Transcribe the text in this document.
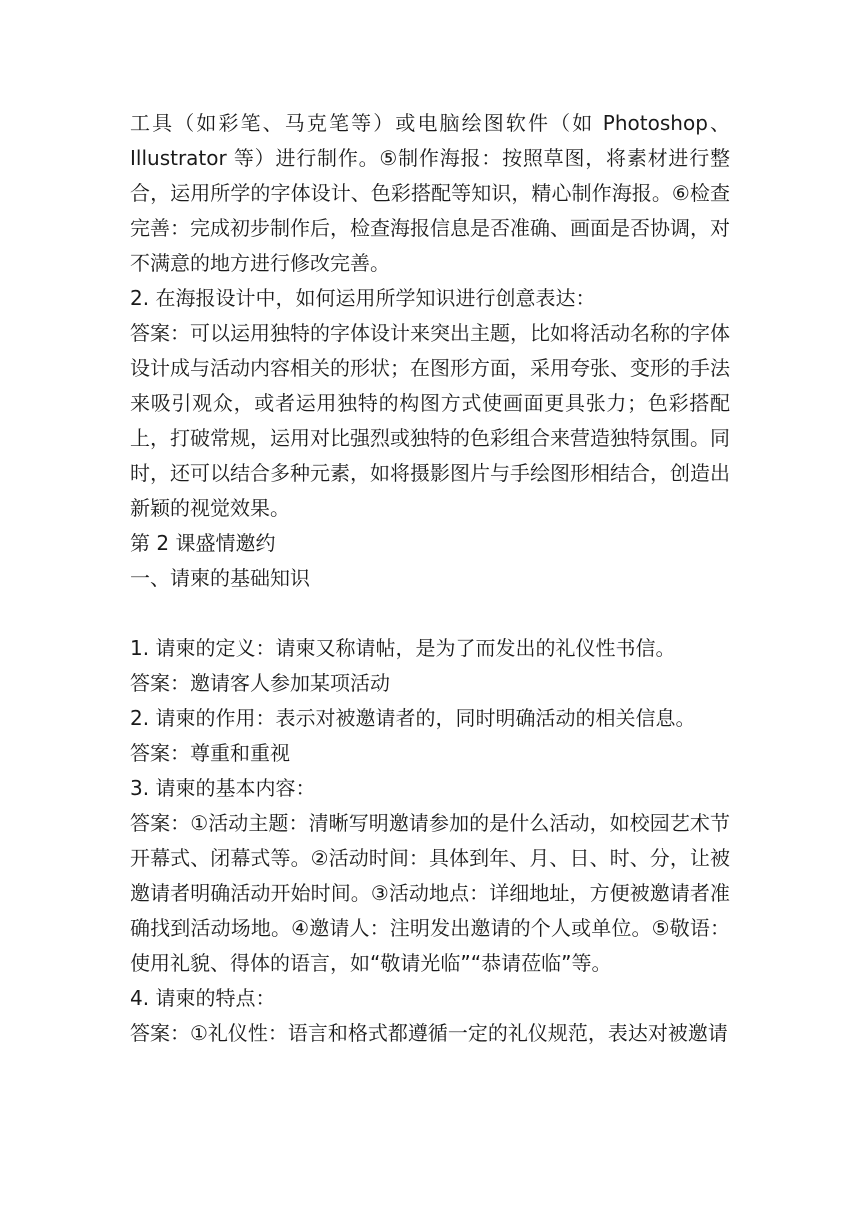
工具（如彩笔、马克笔等）或电脑绘图软件（如 Photoshop、Illustrator 等）进行制作。⑤制作海报：按照草图，将素材进行整合，运用所学的字体设计、色彩搭配等知识，精心制作海报。⑥检查完善：完成初步制作后，检查海报信息是否准确、画面是否协调，对不满意的地方进行修改完善。

2. 在海报设计中，如何运用所学知识进行创意表达：

答案：可以运用独特的字体设计来突出主题，比如将活动名称的字体设计成与活动内容相关的形状；在图形方面，采用夸张、变形的手法来吸引观众，或者运用独特的构图方式使画面更具张力；色彩搭配上，打破常规，运用对比强烈或独特的色彩组合来营造独特氛围。同时，还可以结合多种元素，如将摄影图片与手绘图形相结合，创造出新颖的视觉效果。

第 2 课盛情邀约

一、请柬的基础知识

1. 请柬的定义：请柬又称请帖，是为了而发出的礼仪性书信。

答案：邀请客人参加某项活动

2. 请柬的作用：表示对被邀请者的，同时明确活动的相关信息。

答案：尊重和重视

3. 请柬的基本内容：

答案：①活动主题：清晰写明邀请参加的是什么活动，如校园艺术节开幕式、闭幕式等。②活动时间：具体到年、月、日、时、分，让被邀请者明确活动开始时间。③活动地点：详细地址，方便被邀请者准确找到活动场地。④邀请人：注明发出邀请的个人或单位。⑤敬语：使用礼貌、得体的语言，如“敬请光临”“恭请莅临”等。

4. 请柬的特点：

答案：①礼仪性：语言和格式都遵循一定的礼仪规范，表达对被邀请
